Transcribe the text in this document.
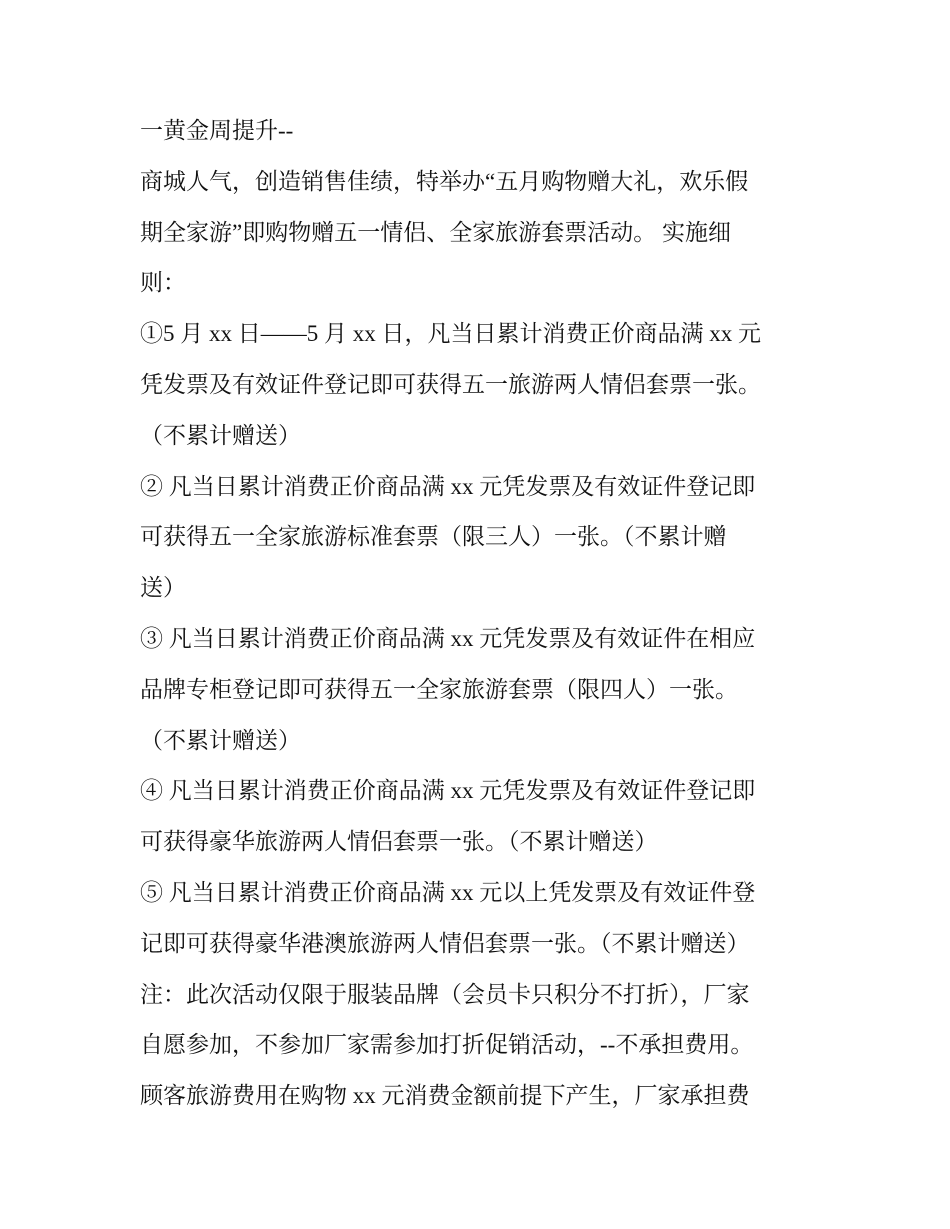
一黄金周提升--
商城人气，创造销售佳绩，特举办“五月购物赠大礼，欢乐假
期全家游”即购物赠五一情侣、全家旅游套票活动。 实施细
则：
①5 月 xx 日——5 月 xx 日，凡当日累计消费正价商品满 xx 元
凭发票及有效证件登记即可获得五一旅游两人情侣套票一张。
（不累计赠送）
② 凡当日累计消费正价商品满 xx 元凭发票及有效证件登记即
可获得五一全家旅游标准套票（限三人）一张。（不累计赠
送）
③ 凡当日累计消费正价商品满 xx 元凭发票及有效证件在相应
品牌专柜登记即可获得五一全家旅游套票（限四人）一张。
（不累计赠送）
④ 凡当日累计消费正价商品满 xx 元凭发票及有效证件登记即
可获得豪华旅游两人情侣套票一张。（不累计赠送）
⑤ 凡当日累计消费正价商品满 xx 元以上凭发票及有效证件登
记即可获得豪华港澳旅游两人情侣套票一张。（不累计赠送）
注：此次活动仅限于服装品牌（会员卡只积分不打折），厂家
自愿参加，不参加厂家需参加打折促销活动，--不承担费用。
顾客旅游费用在购物 xx 元消费金额前提下产生，厂家承担费
